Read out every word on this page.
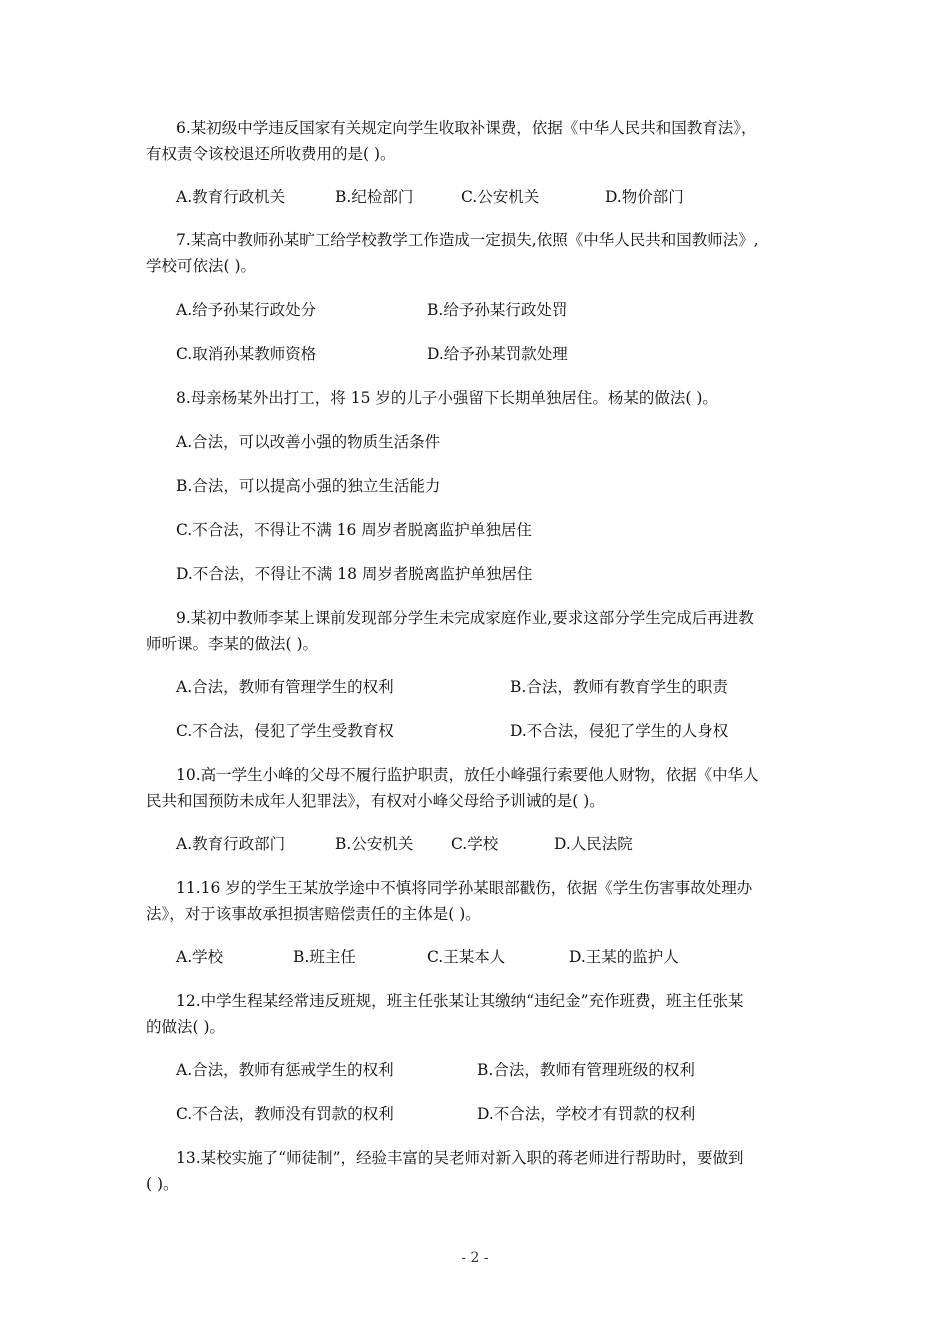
6.某初级中学违反国家有关规定向学生收取补课费，依据《中华人民共和国教育法》，
有权责令该校退还所收费用的是( )。
A.教育行政机关	B.纪检部门	C.公安机关	D.物价部门
7.某高中教师孙某旷工给学校教学工作造成一定损失,依照《中华人民共和国教师法》,
学校可依法( )。
A.给予孙某行政处分	B.给予孙某行政处罚
C.取消孙某教师资格	D.给予孙某罚款处理
8.母亲杨某外出打工，将 15 岁的儿子小强留下长期单独居住。杨某的做法( )。
A.合法，可以改善小强的物质生活条件
B.合法，可以提高小强的独立生活能力
C.不合法，不得让不满 16 周岁者脱离监护单独居住
D.不合法，不得让不满 18 周岁者脱离监护单独居住
9.某初中教师李某上课前发现部分学生未完成家庭作业,要求这部分学生完成后再进教
师听课。李某的做法( )。
A.合法，教师有管理学生的权利	B.合法，教师有教育学生的职责
C.不合法，侵犯了学生受教育权	D.不合法，侵犯了学生的人身权
10.高一学生小峰的父母不履行监护职责，放任小峰强行索要他人财物，依据《中华人
民共和国预防未成年人犯罪法》，有权对小峰父母给予训诫的是( )。
A.教育行政部门	B.公安机关 C.学校	D.人民法院
11.16 岁的学生王某放学途中不慎将同学孙某眼部戳伤，依据《学生伤害事故处理办
法》，对于该事故承担损害赔偿责任的主体是( )。
A.学校	B.班主任	C.王某本人	D.王某的监护人
12.中学生程某经常违反班规，班主任张某让其缴纳“违纪金”充作班费，班主任张某
的做法( )。
A.合法，教师有惩戒学生的权利	B.合法，教师有管理班级的权利
C.不合法，教师没有罚款的权利	D.不合法，学校才有罚款的权利
13.某校实施了“师徒制”，经验丰富的吴老师对新入职的蒋老师进行帮助时，要做到
( )。
- 2 -
